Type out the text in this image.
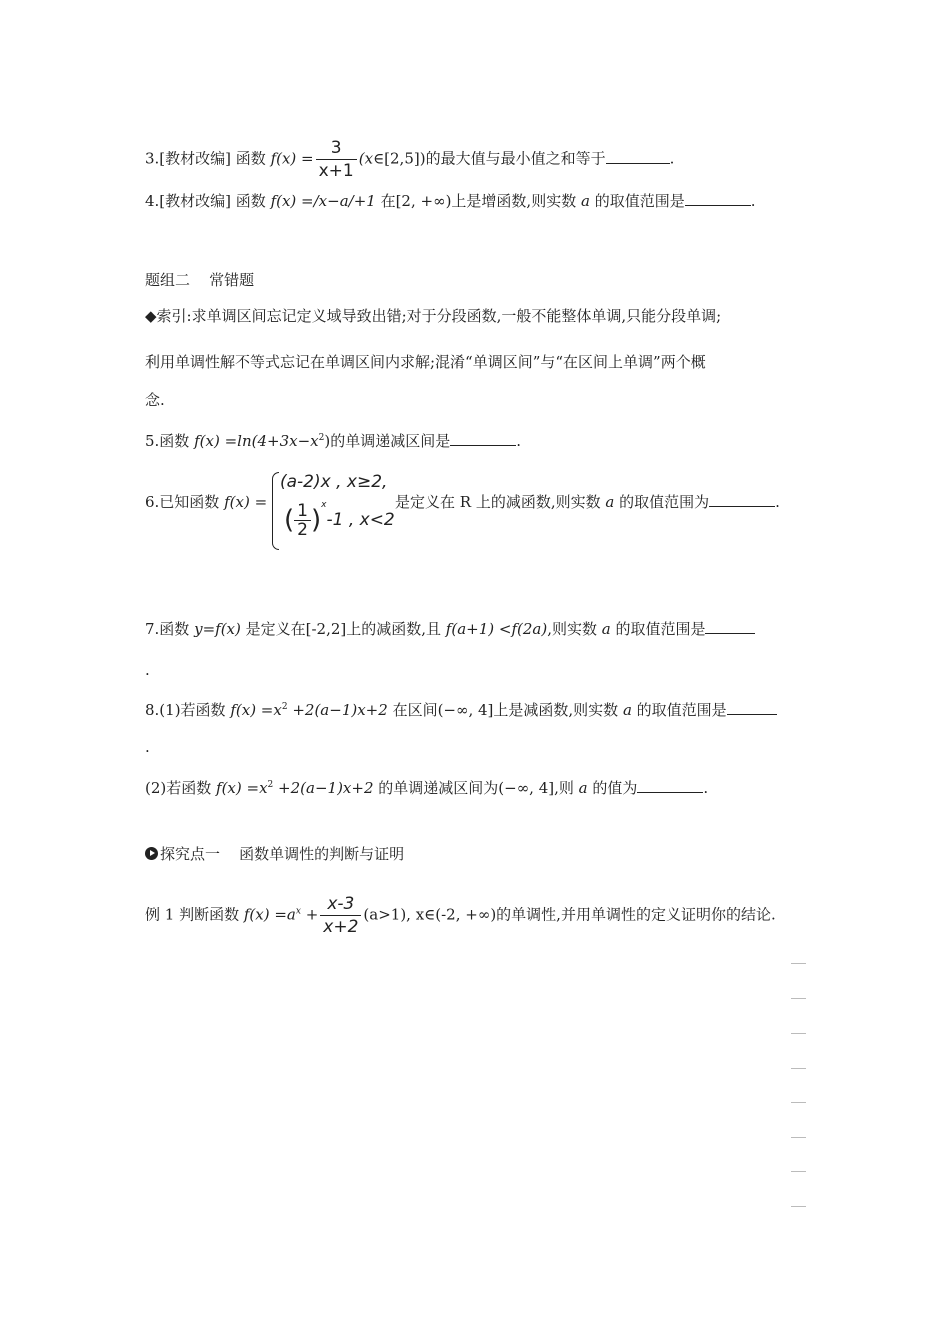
3.[教材改编] 函数 $f(x) = \frac{3}{x+1}$ (x∈[2,5])的最大值与最小值之和等于	.
4.[教材改编] 函数 f(x) =/x−a/+1 在[2, +∞)上是增函数,则实数 a 的取值范围是	.
题组二    常错题
◆索引:求单调区间忘记定义域导致出错;对于分段函数,一般不能整体单调,只能分段单调;
利用单调性解不等式忘记在单调区间内求解;混淆“单调区间”与“在区间上单调”两个概
念.
5.函数 $f(x) =\ln(4+3x-x^2)$的单调递减区间是	.
6.已知函数 f(x) =
(a-2)x , x≥2,
( $\frac{1}{2} )^x-1$ , x<2
是定义在 R 上的减函数,则实数 a 的取值范围为	.
7.函数 y=f(x) 是定义在[-2,2]上的减函数,且 f(a+1) <f(2a),则实数 a 的取值范围是
.
8.(1)若函数 $f(x) =x^2 +2(a-1)x+2$ 在区间(−∞, 4]上是减函数,则实数 a 的取值范围是
.
(2)若函数 $f(x) =x^2 +2(a-1)x+2$ 的单调递减区间为(−∞, 4],则 a 的值为	.
探究点一    函数单调性的判断与证明
例 1 判断函数 $f(x) =a^x + \frac{x-3}{x+2} (a>1)$, x∈(-2, +∞)的单调性,并用单调性的定义证明你的结论.
